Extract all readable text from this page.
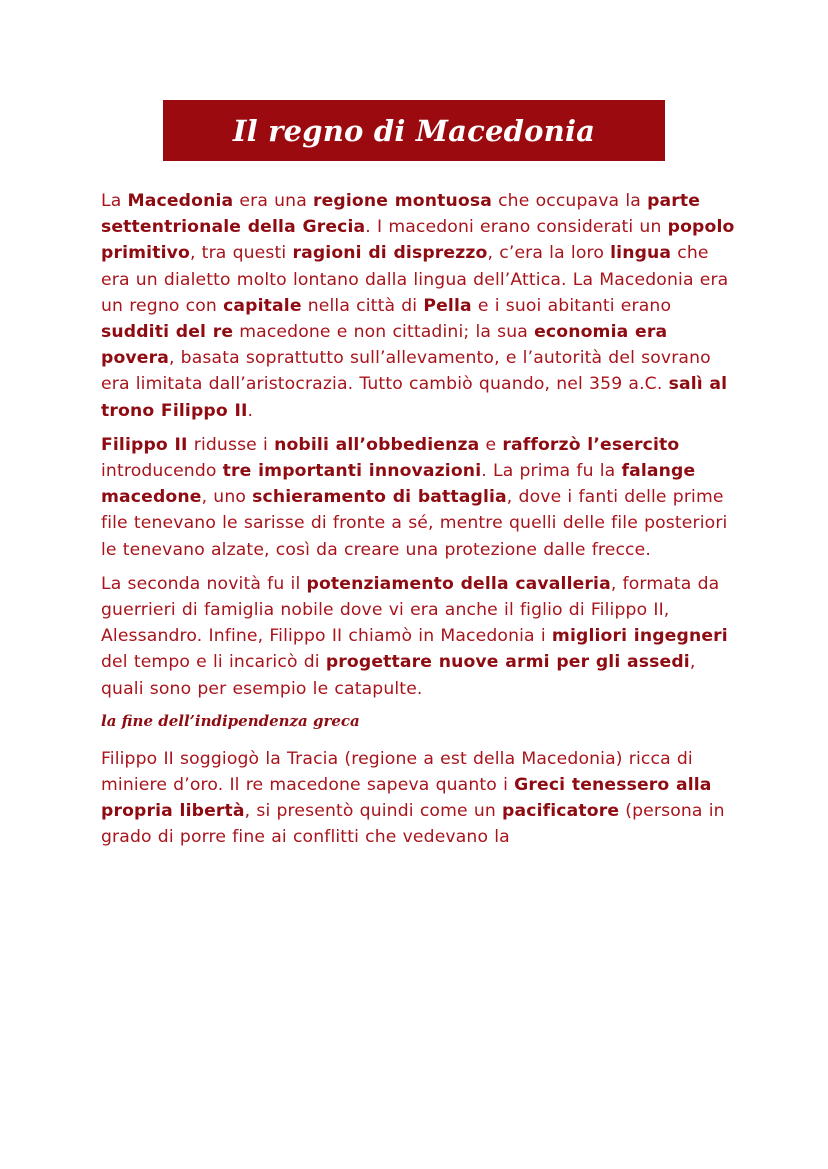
Il regno di Macedonia

La Macedonia era una regione montuosa che occupava la parte settentrionale della Grecia. I macedoni erano considerati un popolo primitivo, tra questi ragioni di disprezzo, c’era la loro lingua che era un dialetto molto lontano dalla lingua dell’Attica. La Macedonia era un regno con capitale nella città di Pella e i suoi abitanti erano sudditi del re macedone e non cittadini; la sua economia era povera, basata soprattutto sull’allevamento, e l’autorità del sovrano era limitata dall’aristocrazia. Tutto cambiò quando, nel 359 a.C. salì al trono Filippo II.

Filippo II ridusse i nobili all’obbedienza e rafforzò l’esercito introducendo tre importanti innovazioni. La prima fu la falange macedone, uno schieramento di battaglia, dove i fanti delle prime file tenevano le sarisse di fronte a sé, mentre quelli delle file posteriori le tenevano alzate, così da creare una protezione dalle frecce.

La seconda novità fu il potenziamento della cavalleria, formata da guerrieri di famiglia nobile dove vi era anche il figlio di Filippo II, Alessandro. Infine, Filippo II chiamò in Macedonia i migliori ingegneri del tempo e li incaricò di progettare nuove armi per gli assedi, quali sono per esempio le catapulte.

la fine dell’indipendenza greca

Filippo II soggiogò la Tracia (regione a est della Macedonia) ricca di miniere d’oro. Il re macedone sapeva quanto i Greci tenessero alla propria libertà, si presentò quindi come un pacificatore (persona in grado di porre fine ai conflitti che vedevano la
